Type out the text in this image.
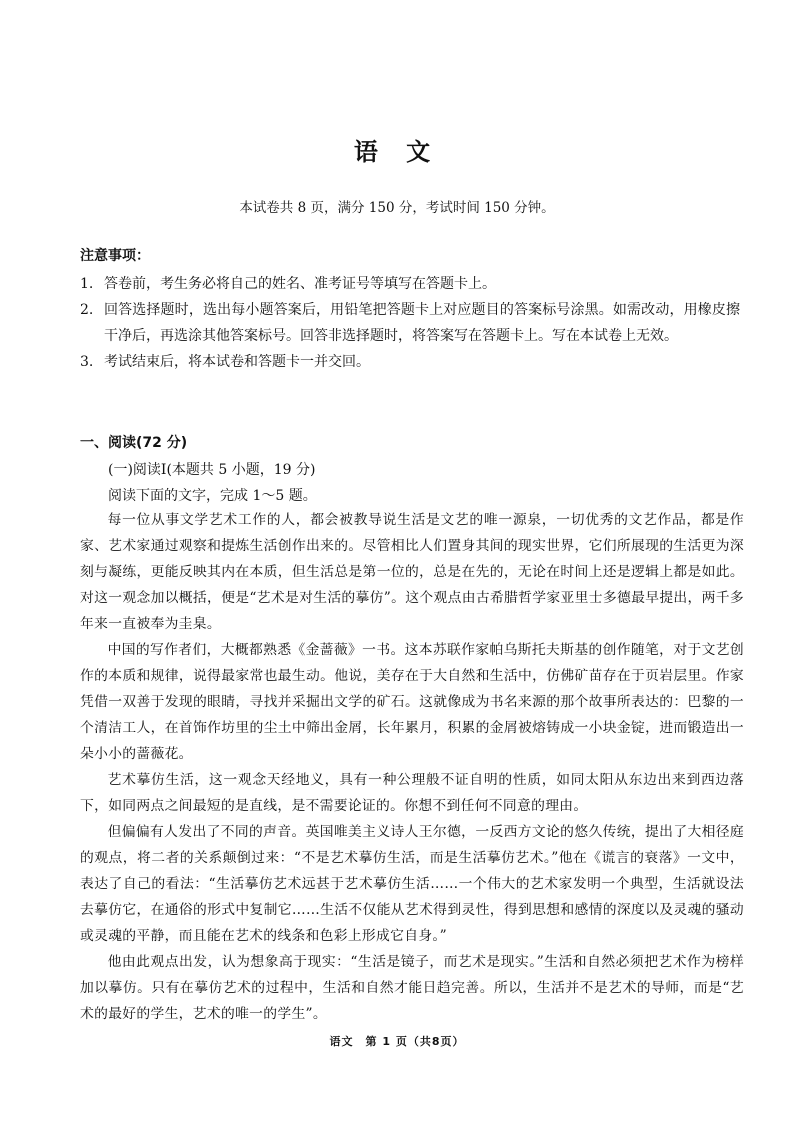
语 文
本试卷共 8 页，满分 150 分，考试时间 150 分钟。
注意事项：
1. 答卷前，考生务必将自己的姓名、准考证号等填写在答题卡上。
2. 回答选择题时，选出每小题答案后，用铅笔把答题卡上对应题目的答案标号涂黑。如需改动，用橡皮擦干净后，再选涂其他答案标号。回答非选择题时，将答案写在答题卡上。写在本试卷上无效。
3. 考试结束后，将本试卷和答题卡一并交回。
一、阅读(72 分)
(一)阅读Ⅰ(本题共 5 小题，19 分)
阅读下面的文字，完成 1～5 题。

每一位从事文学艺术工作的人，都会被教导说生活是文艺的唯一源泉，一切优秀的文艺作品，都是作家、艺术家通过观察和提炼生活创作出来的。尽管相比人们置身其间的现实世界，它们所展现的生活更为深刻与凝练，更能反映其内在本质，但生活总是第一位的，总是在先的，无论在时间上还是逻辑上都是如此。对这一观念加以概括，便是“艺术是对生活的摹仿”。这个观点由古希腊哲学家亚里士多德最早提出，两千多年来一直被奉为圭臬。

中国的写作者们，大概都熟悉《金蔷薇》一书。这本苏联作家帕乌斯托夫斯基的创作随笔，对于文艺创作的本质和规律，说得最家常也最生动。他说，美存在于大自然和生活中，仿佛矿苗存在于页岩层里。作家凭借一双善于发现的眼睛，寻找并采掘出文学的矿石。这就像成为书名来源的那个故事所表达的：巴黎的一个清洁工人，在首饰作坊里的尘土中筛出金屑，长年累月，积累的金屑被熔铸成一小块金锭，进而锻造出一朵小小的蔷薇花。

艺术摹仿生活，这一观念天经地义，具有一种公理般不证自明的性质，如同太阳从东边出来到西边落下，如同两点之间最短的是直线，是不需要论证的。你想不到任何不同意的理由。

但偏偏有人发出了不同的声音。英国唯美主义诗人王尔德，一反西方文论的悠久传统，提出了大相径庭的观点，将二者的关系颠倒过来：“不是艺术摹仿生活，而是生活摹仿艺术。”他在《谎言的衰落》一文中，表达了自己的看法：“生活摹仿艺术远甚于艺术摹仿生活……一个伟大的艺术家发明一个典型，生活就设法去摹仿它，在通俗的形式中复制它……生活不仅能从艺术得到灵性，得到思想和感情的深度以及灵魂的骚动或灵魂的平静，而且能在艺术的线条和色彩上形成它自身。”

他由此观点出发，认为想象高于现实：“生活是镜子，而艺术是现实。”生活和自然必须把艺术作为榜样加以摹仿。只有在摹仿艺术的过程中，生活和自然才能日趋完善。所以，生活并不是艺术的导师，而是“艺术的最好的学生，艺术的唯一的学生”。

语文　第 1 页（共8页）
